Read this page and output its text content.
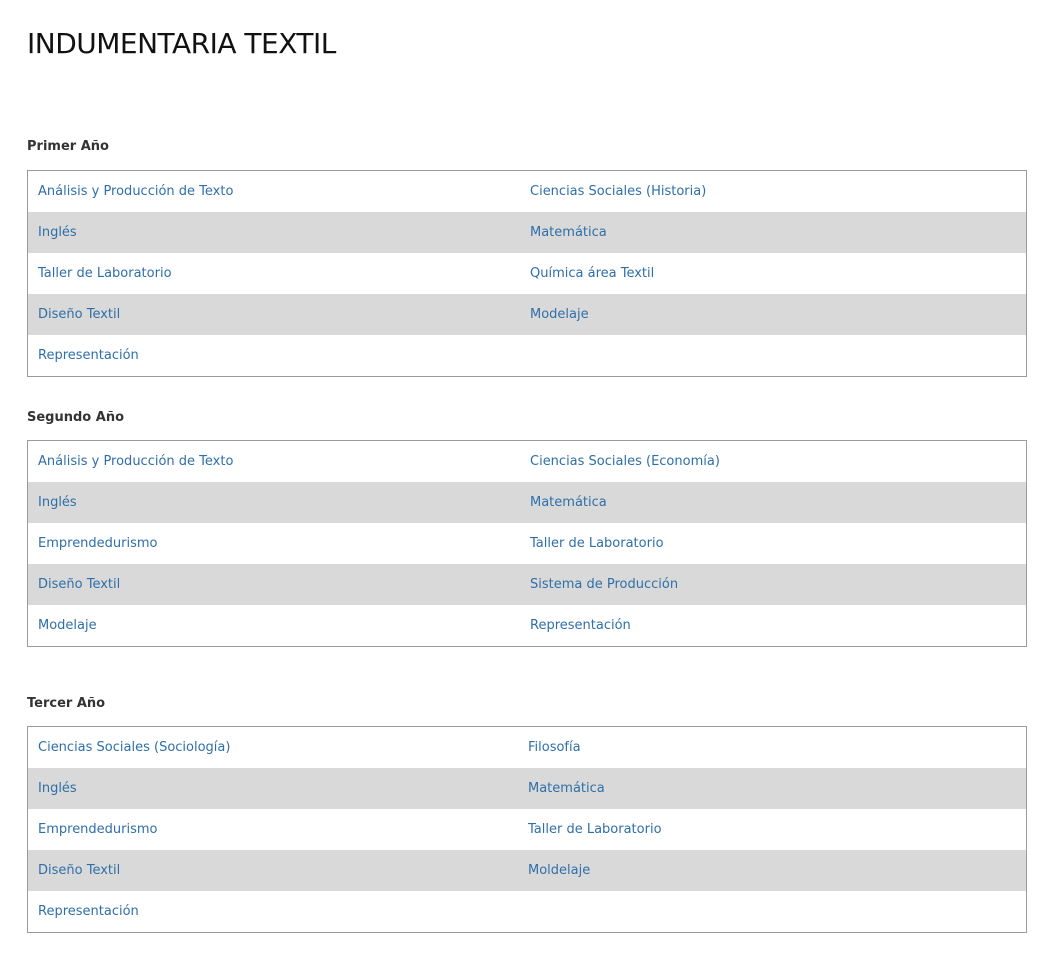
INDUMENTARIA TEXTIL
Primer Año
Análisis y Producción de Texto	Ciencias Sociales (Historia)
Inglés	Matemática
Taller de Laboratorio	Química área Textil
Diseño Textil	Modelaje
Representación
Segundo Año
Análisis y Producción de Texto	Ciencias Sociales (Economía)
Inglés	Matemática
Emprendedurismo	Taller de Laboratorio
Diseño Textil	Sistema de Producción
Modelaje	Representación
Tercer Año
Ciencias Sociales (Sociología)	Filosofía
Inglés	Matemática
Emprendedurismo	Taller de Laboratorio
Diseño Textil	Moldelaje
Representación
